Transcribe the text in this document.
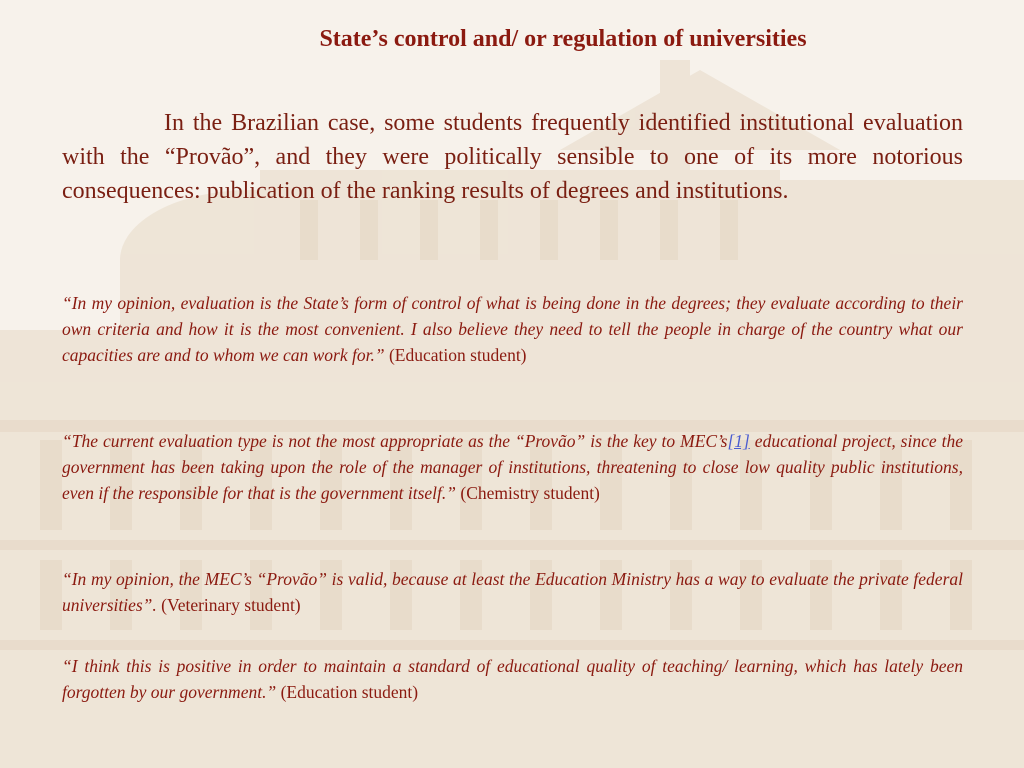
State’s control and/ or regulation of universities

In the Brazilian case, some students frequently identified institutional evaluation with the “Provão”, and they were politically sensible to one of its more notorious consequences: publication of the ranking results of degrees and institutions.

“In my opinion, evaluation is the State’s form of control of what is being done in the degrees; they evaluate according to their own criteria and how it is the most convenient. I also believe they need to tell the people in charge of the country what our capacities are and to whom we can work for.” (Education student)

“The current evaluation type is not the most appropriate as the “Provão” is the key to MEC’s[1] educational project, since the government has been taking upon the role of the manager of institutions, threatening to close low quality public institutions, even if the responsible for that is the government itself.” (Chemistry student)

“In my opinion, the MEC’s “Provão” is valid, because at least the Education Ministry has a way to evaluate the private federal universities”. (Veterinary student)

“I think this is positive in order to maintain a standard of educational quality of teaching/ learning, which has lately been forgotten by our government.” (Education student)
